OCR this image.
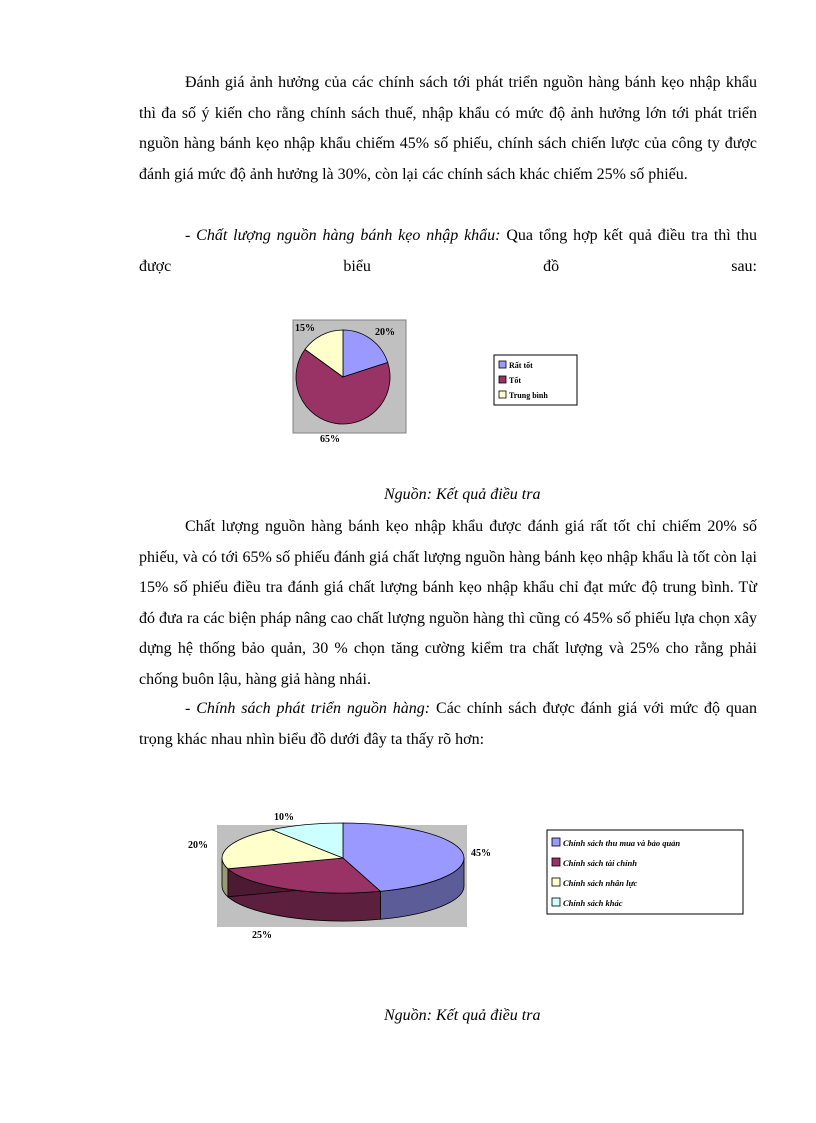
Đánh giá ảnh hưởng của các chính sách tới phát triển nguồn hàng bánh kẹo nhập khẩu thì đa số ý kiến cho rằng chính sách thuế, nhập khẩu có mức độ ảnh hưởng lớn tới phát triển nguồn hàng bánh kẹo nhập khẩu chiếm 45% số phiếu, chính sách chiến lược của công ty được đánh giá mức độ ảnh hưởng là 30%, còn lại các chính sách khác chiếm 25% số phiếu.

- Chất lượng nguồn hàng bánh kẹo nhập khẩu: Qua tổng hợp kết quả điều tra thì thu được biểu đồ sau:

20%
65%
15%
Rất tốt
Tốt
Trung bình
Nguồn: Kết quả điều tra

Chất lượng nguồn hàng bánh kẹo nhập khẩu được đánh giá rất tốt chỉ chiếm 20% số phiếu, và có tới 65% số phiếu đánh giá chất lượng nguồn hàng bánh kẹo nhập khẩu là tốt còn lại 15% số phiếu điều tra đánh giá chất lượng bánh kẹo nhập khẩu chỉ đạt mức độ trung bình. Từ đó đưa ra các biện pháp nâng cao chất lượng nguồn hàng thì cũng có 45% số phiếu lựa chọn xây dựng hệ thống bảo quản, 30 % chọn tăng cường kiểm tra chất lượng và 25% cho rằng phải chống buôn lậu, hàng giả hàng nhái.

- Chính sách phát triển nguồn hàng: Các chính sách được đánh giá với mức độ quan trọng khác nhau nhìn biểu đồ dưới đây ta thấy rõ hơn:

45%
25%
20%
10%
Chính sách thu mua và bảo quản
Chính sách tài chính
Chính sách nhân lực
Chính sách khác
Nguồn: Kết quả điều tra
